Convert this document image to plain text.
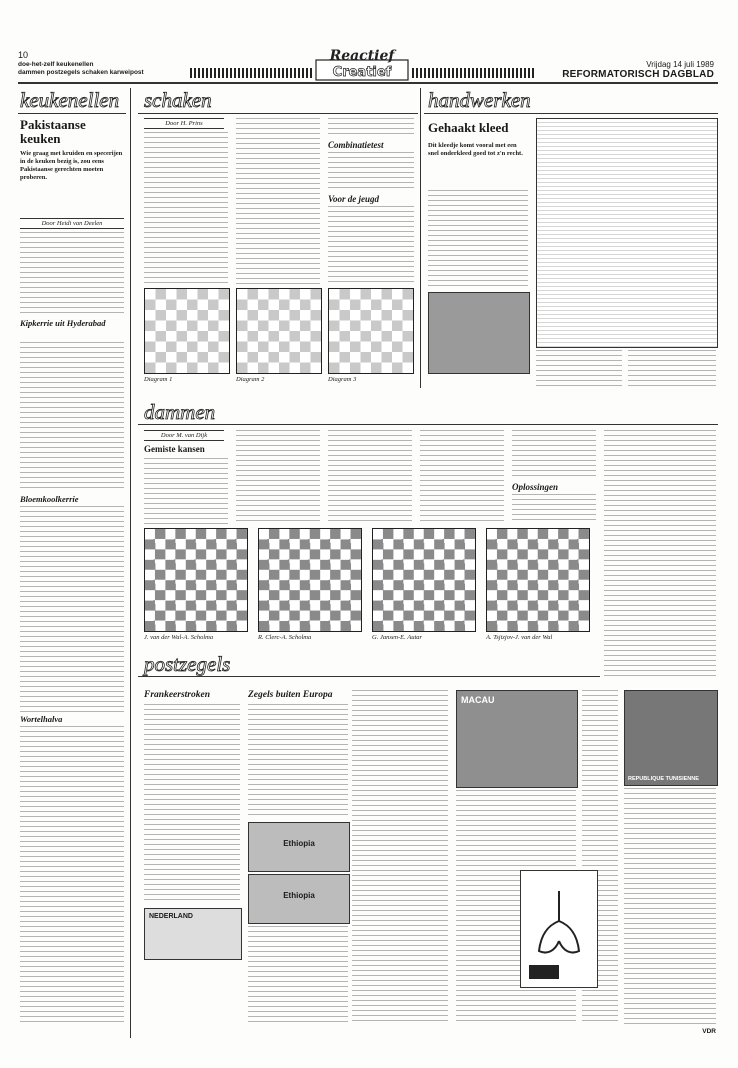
10
doe-het-zelf keukenellen
dammen postzegels schaken karweipost
Reactief
Creatief
Vrijdag 14 juli 1989
REFORMATORISCH DAGBLAD
keukenellen
Pakistaanse keuken
Wie graag met kruiden en specerijen in de keuken bezig is, zou eens Pakistaanse gerechten moeten proberen.
Door Heidi van Deelen
Kipkerrie uit Hyderabad
Bloemkoolkerrie
Wortelhalva
schaken
Door H. Prins
Combinatietest
Voor de jeugd
Diagram 1	Diagram 2	Diagram 3
handwerken
Gehaakt kleed
Dit kleedje komt vooral met een snel onderkleed goed tot z'n recht.
dammen
Door M. van Dijk
Gemiste kansen
Oplossingen
J. van der Wal-A. Scholma	R. Clerc-A. Scholma	G. Jansen-E. Autar	A. Tsjizjov-J. van der Wal
postzegels
Frankeerstroken
NEDERLAND
Zegels buiten Europa
Ethiopia
Ethiopia
MACAU
REPUBLIQUE TUNISIENNE
VDR
